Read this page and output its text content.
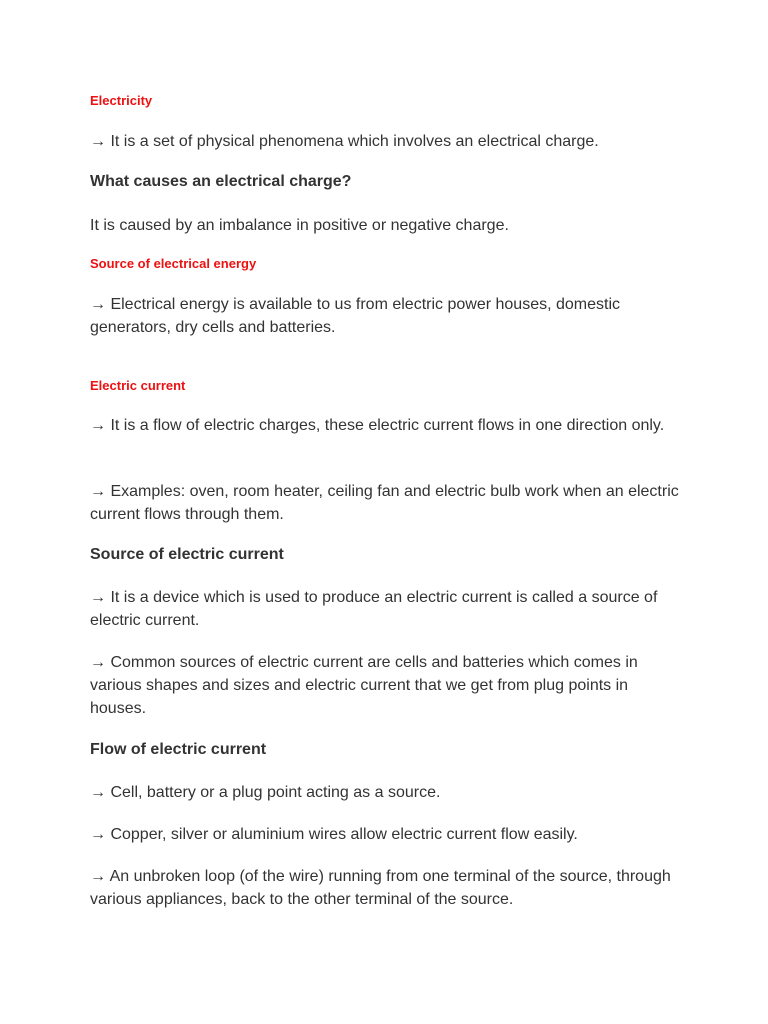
Electricity

→ It is a set of physical phenomena which involves an electrical charge.

What causes an electrical charge?

It is caused by an imbalance in positive or negative charge.

Source of electrical energy

→ Electrical energy is available to us from electric power houses, domestic generators, dry cells and batteries.

Electric current

→ It is a flow of electric charges, these electric current flows in one direction only.

→ Examples: oven, room heater, ceiling fan and electric bulb work when an electric current flows through them.

Source of electric current

→ It is a device which is used to produce an electric current is called a source of electric current.

→ Common sources of electric current are cells and batteries which comes in various shapes and sizes and electric current that we get from plug points in houses.

Flow of electric current

→ Cell, battery or a plug point acting as a source.

→ Copper, silver or aluminium wires allow electric current flow easily.

→ An unbroken loop (of the wire) running from one terminal of the source, through various appliances, back to the other terminal of the source.
